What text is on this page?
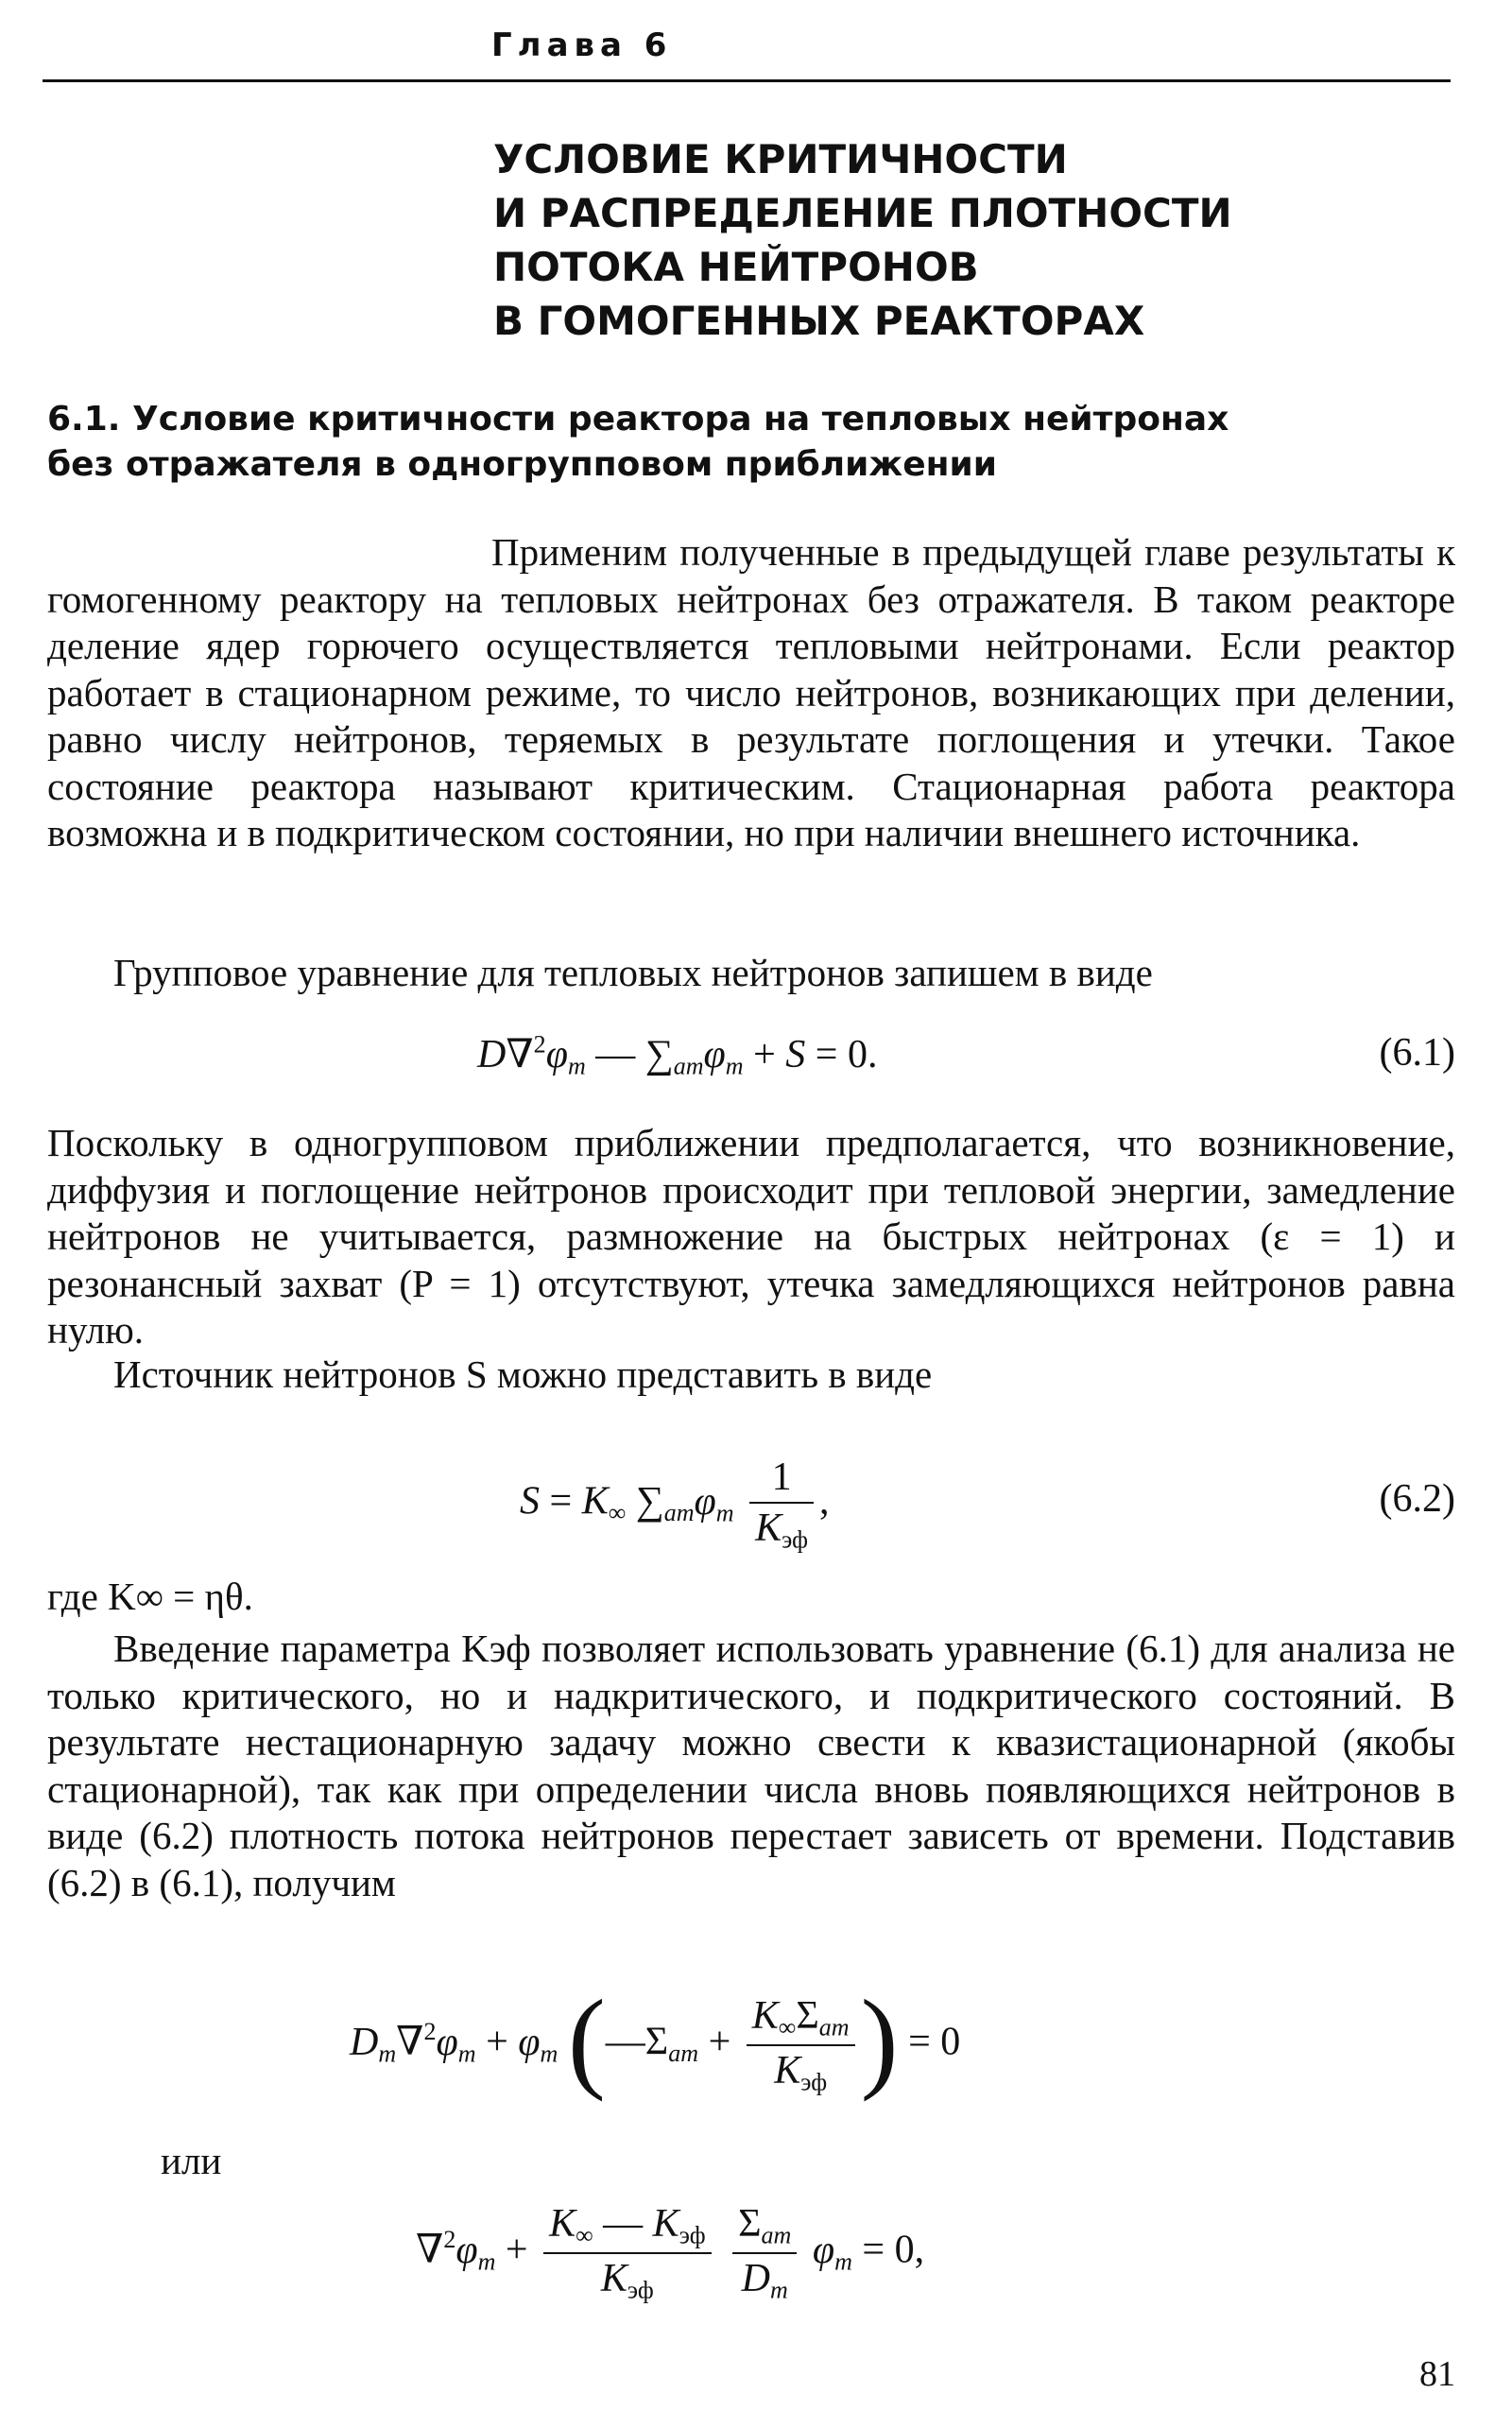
Глава 6
УСЛОВИЕ КРИТИЧНОСТИ
И РАСПРЕДЕЛЕНИЕ ПЛОТНОСТИ
ПОТОКА НЕЙТРОНОВ
В ГОМОГЕННЫХ РЕАКТОРАХ
6.1. Условие критичности реактора на тепловых нейтронах
без отражателя в одногрупповом приближении
Применим полученные в предыдущей главе результаты к гомогенному реактору на тепловых нейтронах без отражателя. В таком реакторе деление ядер горючего осуществляется тепловыми нейтронами. Если реактор работает в стационарном режиме, то число нейтронов, возникающих при делении, равно числу нейтронов, теряемых в результате поглощения и утечки. Такое состояние реактора называют критическим. Стационарная работа реактора возможна и в подкритическом состоянии, но при наличии внешнего источника.
Групповое уравнение для тепловых нейтронов запишем в виде
$D\nabla^2\varphi_m$ — $\sum_{am}\varphi_m + S = 0$.	(6.1)
Поскольку в одногрупповом приближении предполагается, что возникновение, диффузия и поглощение нейтронов происходит при тепловой энергии, замедление нейтронов не учитывается, размножение на быстрых нейтронах (ε = 1) и резонансный захват (P = 1) отсутствуют, утечка замедляющихся нейтронов равна нулю.
Источник нейтронов S можно представить в виде
$S = K_\infty$ $\sum_{am}\varphi_m \frac{1}{K_{эф}}$ ,	(6.2)
где K∞ = ηθ.
Введение параметра Kэф позволяет использовать уравнение (6.1) для анализа не только критического, но и надкритического, и подкритического состояний. В результате нестационарную задачу можно свести к квазистационарной (якобы стационарной), так как при определении числа вновь появляющихся нейтронов в виде (6.2) плотность потока нейтронов перестает зависеть от времени. Подставив (6.2) в (6.1), получим
$D_m\nabla^2\varphi_m + \varphi_m$ ($—\Sigma_{am} + \frac{K_\infty\Sigma_{am}}{K_{эф}}$ ) = 0
или
$\nabla^2\varphi_m + \frac{K_\infty — K_{эф}}{K_{эф}}$
$\frac{\Sigma_{am}}{D_m} \varphi_m = 0$,
81
